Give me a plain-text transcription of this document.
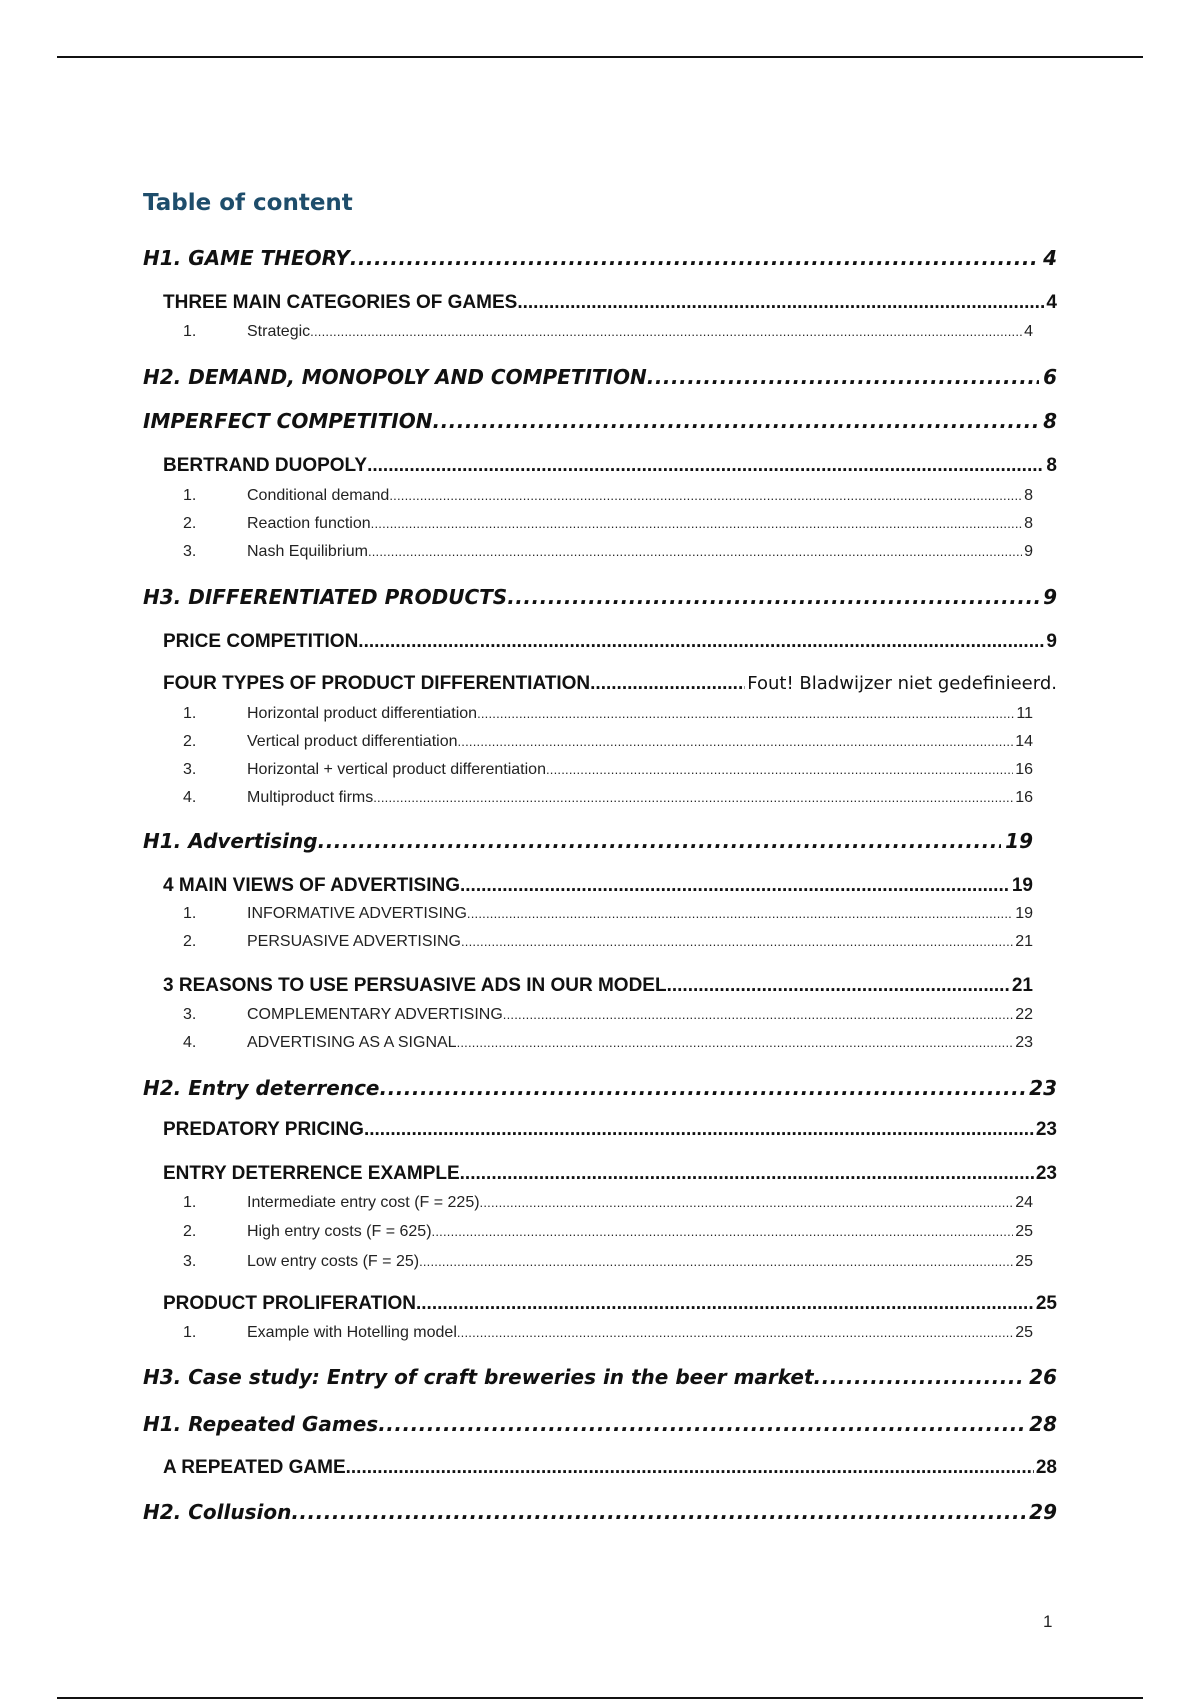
Table of content
H1. GAME THEORY .....	4
THREE MAIN CATEGORIES OF GAMES .....	4
1.	Strategic .....	4
H2. DEMAND, MONOPOLY AND COMPETITION .....	6
IMPERFECT COMPETITION .....	8
BERTRAND DUOPOLY .....	8
1.	Conditional demand .....	8
2.	Reaction function .....	8
3.	Nash Equilibrium .....	9
H3. DIFFERENTIATED PRODUCTS .....	9
PRICE COMPETITION .....	9
FOUR TYPES OF PRODUCT DIFFERENTIATION .....	Fout! Bladwijzer niet gedefinieerd.
1.	Horizontal product differentiation .....	11
2.	Vertical product differentiation .....	14
3.	Horizontal + vertical product differentiation .....	16
4.	Multiproduct firms .....	16
H1. Advertising .....	19
4 MAIN VIEWS OF ADVERTISING .....	19
1.	INFORMATIVE ADVERTISING .....	19
2.	PERSUASIVE ADVERTISING .....	21
3 REASONS TO USE PERSUASIVE ADS IN OUR MODEL .....	21
3.	COMPLEMENTARY ADVERTISING .....	22
4.	ADVERTISING AS A SIGNAL .....	23
H2. Entry deterrence .....	23
PREDATORY PRICING .....	23
ENTRY DETERRENCE EXAMPLE .....	23
1.	Intermediate entry cost (F = 225) .....	24
2.	High entry costs (F = 625) .....	25
3.	Low entry costs (F = 25) .....	25
PRODUCT PROLIFERATION .....	25
1.	Example with Hotelling model .....	25
H3. Case study: Entry of craft breweries in the beer market .....	26
H1. Repeated Games .....	28
A REPEATED GAME .....	28
H2. Collusion .....	29
1
